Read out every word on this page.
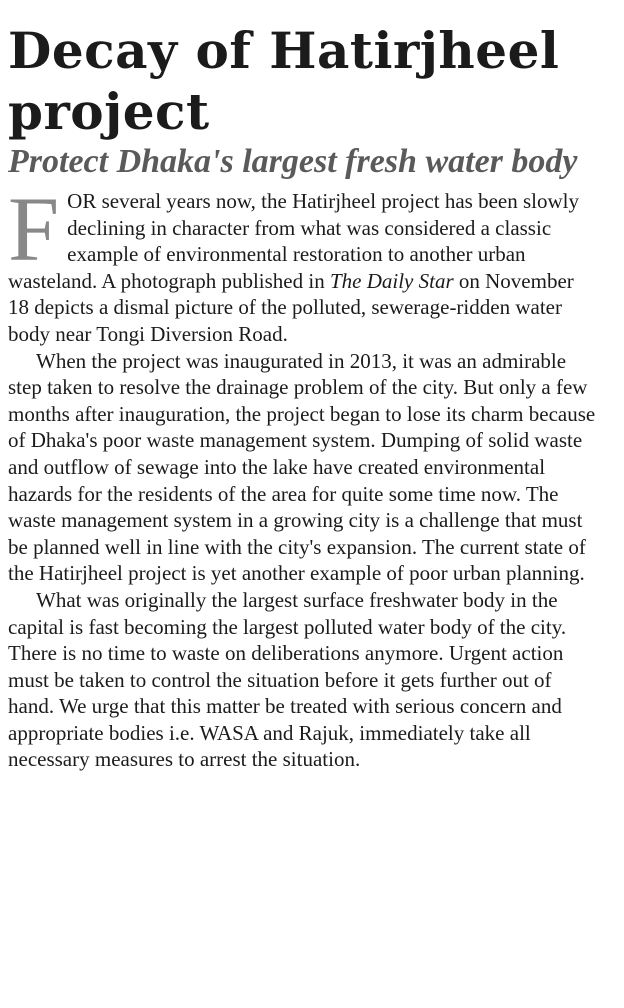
Decay of Hatirjheel project
Protect Dhaka's largest fresh water body

FOR several years now, the Hatirjheel project has been slowly declining in character from what was considered a classic example of environmental restoration to another urban wasteland. A photograph published in The Daily Star on November 18 depicts a dismal picture of the polluted, sewerage-ridden water body near Tongi Diversion Road.

When the project was inaugurated in 2013, it was an admirable step taken to resolve the drainage problem of the city. But only a few months after inauguration, the project began to lose its charm because of Dhaka's poor waste management system. Dumping of solid waste and outflow of sewage into the lake have created environmental hazards for the residents of the area for quite some time now. The waste management system in a growing city is a challenge that must be planned well in line with the city's expansion. The current state of the Hatirjheel project is yet another example of poor urban planning.

What was originally the largest surface freshwater body in the capital is fast becoming the largest polluted water body of the city. There is no time to waste on deliberations anymore. Urgent action must be taken to control the situation before it gets further out of hand. We urge that this matter be treated with serious concern and appropriate bodies i.e. WASA and Rajuk, immediately take all necessary measures to arrest the situation.
